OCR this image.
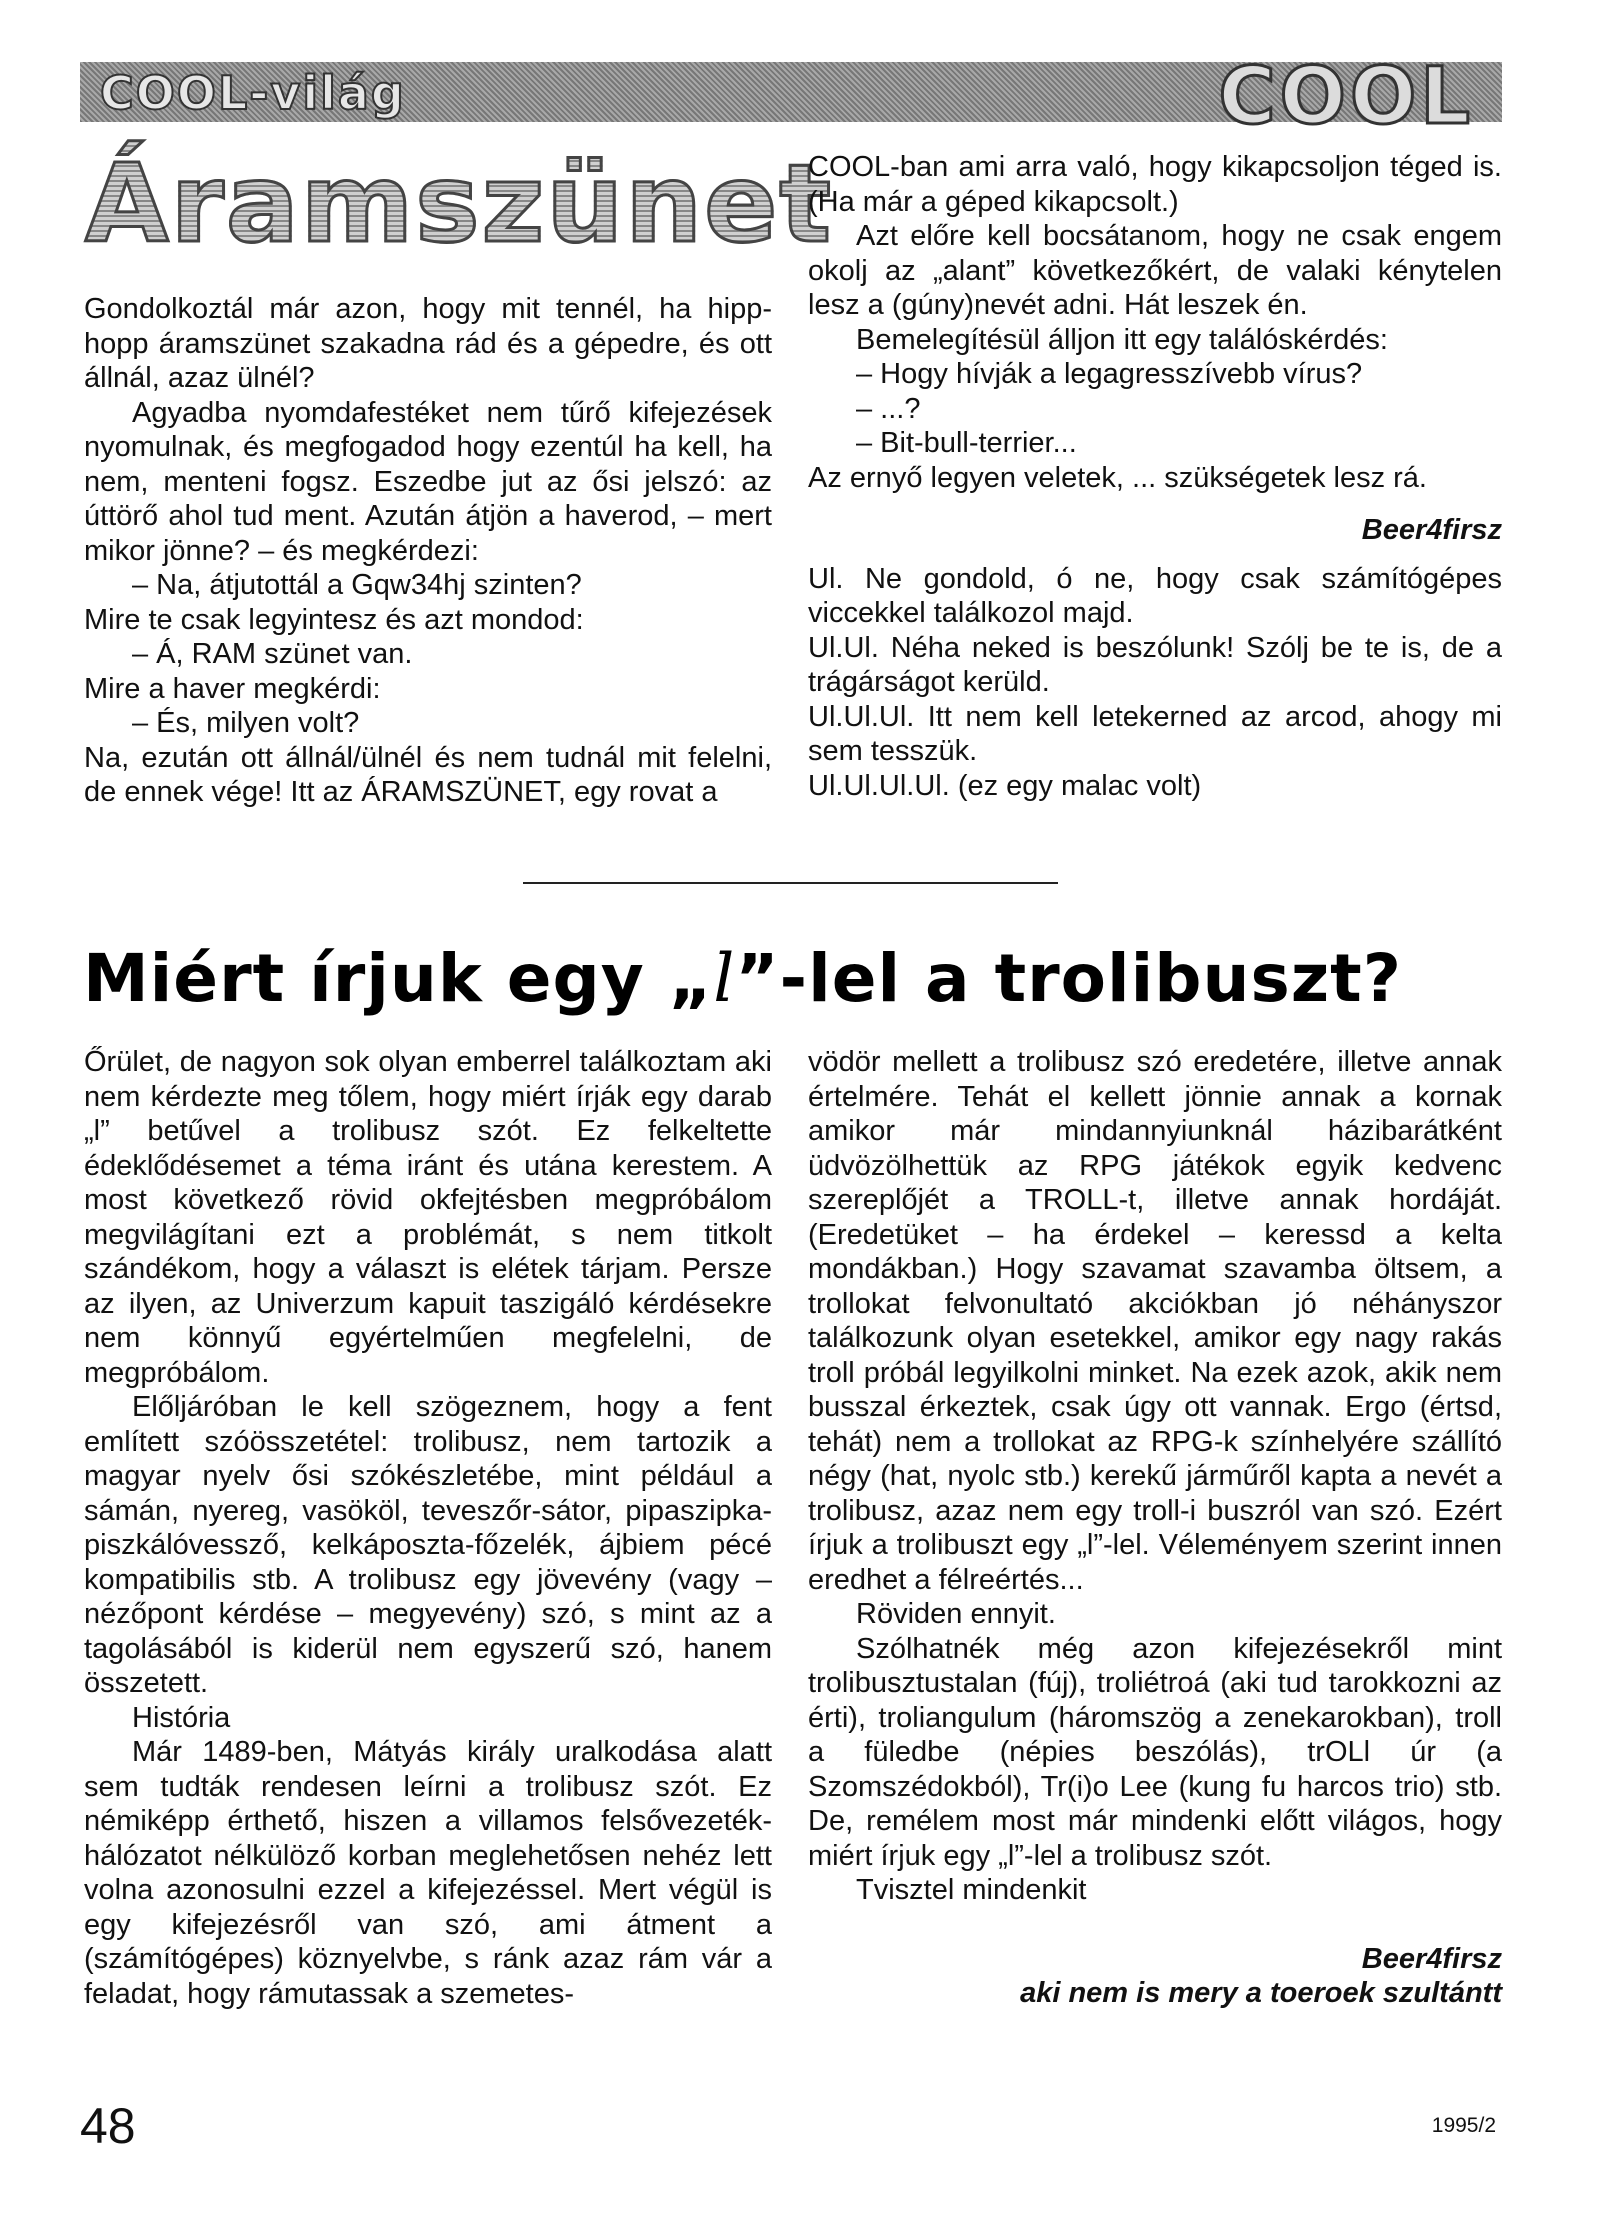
COOL-világ	COOL
Áramszünet

Gondolkoztál már azon, hogy mit tennél, ha hipp-hopp áramszünet szakadna rád és a gépedre, és ott állnál, azaz ülnél?

Agyadba nyomdafestéket nem tűrő kifejezések nyomulnak, és megfogadod hogy ezentúl ha kell, ha nem, menteni fogsz. Eszedbe jut az ősi jelszó: az úttörő ahol tud ment. Azután átjön a haverod, – mert mikor jönne? – és megkérdezi:

– Na, átjutottál a Gqw34hj szinten?

Mire te csak legyintesz és azt mondod:

– Á, RAM szünet van.

Mire a haver megkérdi:

– És, milyen volt?

Na, ezután ott állnál/ülnél és nem tudnál mit felelni, de ennek vége! Itt az ÁRAMSZÜNET, egy rovat a

COOL-ban ami arra való, hogy kikapcsoljon téged is. (Ha már a géped kikapcsolt.)

Azt előre kell bocsátanom, hogy ne csak engem okolj az „alant” következőkért, de valaki kénytelen lesz a (gúny)nevét adni. Hát leszek én.

Bemelegítésül álljon itt egy találóskérdés:

– Hogy hívják a legagresszívebb vírus?

– ...?

– Bit-bull-terrier...

Az ernyő legyen veletek, ... szükségetek lesz rá.

Beer4firsz

Ul. Ne gondold, ó ne, hogy csak számítógépes viccekkel találkozol majd.

Ul.Ul. Néha neked is beszólunk! Szólj be te is, de a trágárságot kerüld.

Ul.Ul.Ul. Itt nem kell letekerned az arcod, ahogy mi sem tesszük.

Ul.Ul.Ul.Ul. (ez egy malac volt)

Miért írjuk egy „l”-lel a trolibuszt?

Őrület, de nagyon sok olyan emberrel találkoztam aki nem kérdezte meg tőlem, hogy miért írják egy darab „l” betűvel a trolibusz szót. Ez felkeltette édeklődésemet a téma iránt és utána kerestem. A most következő rövid okfejtésben megpróbálom megvilágítani ezt a problémát, s nem titkolt szándékom, hogy a választ is elétek tárjam. Persze az ilyen, az Univerzum kapuit taszigáló kérdésekre nem könnyű egyértelműen megfelelni, de megpróbálom.

Előljáróban le kell szögeznem, hogy a fent említett szóösszetétel: trolibusz, nem tartozik a magyar nyelv ősi szókészletébe, mint például a sámán, nyereg, vasököl, teveszőr-sátor, pipaszipka-piszkálóvessző, kelkáposzta-főzelék, ájbiem pécé kompatibilis stb. A trolibusz egy jövevény (vagy – nézőpont kérdése – megyevény) szó, s mint az a tagolásából is kiderül nem egyszerű szó, hanem összetett.

História

Már 1489-ben, Mátyás király uralkodása alatt sem tudták rendesen leírni a trolibusz szót. Ez némiképp érthető, hiszen a villamos felsővezeték-hálózatot nélkülöző korban meglehetősen nehéz lett volna azonosulni ezzel a kifejezéssel. Mert végül is egy kifejezésről van szó, ami átment a (számítógépes) köznyelvbe, s ránk azaz rám vár a feladat, hogy rámutassak a szemetes-

vödör mellett a trolibusz szó eredetére, illetve annak értelmére. Tehát el kellett jönnie annak a kornak amikor már mindannyiunknál házibarátként üdvözölhettük az RPG játékok egyik kedvenc szereplőjét a TROLL-t, illetve annak hordáját. (Eredetüket – ha érdekel – keressd a kelta mondákban.) Hogy szavamat szavamba öltsem, a trollokat felvonultató akciókban jó néhányszor találkozunk olyan esetekkel, amikor egy nagy rakás troll próbál legyilkolni minket. Na ezek azok, akik nem busszal érkeztek, csak úgy ott vannak. Ergo (értsd, tehát) nem a trollokat az RPG-k színhelyére szállító négy (hat, nyolc stb.) kerekű járműről kapta a nevét a trolibusz, azaz nem egy troll-i buszról van szó. Ezért írjuk a trolibuszt egy „l”-lel. Véleményem szerint innen eredhet a félreértés...

Röviden ennyit.

Szólhatnék még azon kifejezésekről mint trolibusztustalan (fúj), troliétroá (aki tud tarokkozni az érti), troliangulum (háromszög a zenekarokban), troll a füledbe (népies beszólás), trOLl úr (a Szomszédokból), Tr(i)o Lee (kung fu harcos trio) stb. De, remélem most már mindenki előtt világos, hogy miért írjuk egy „l”-lel a trolibusz szót.

Tvisztel mindenkit

Beer4firsz

aki nem is mery a toeroek szultántt

48	1995/2
